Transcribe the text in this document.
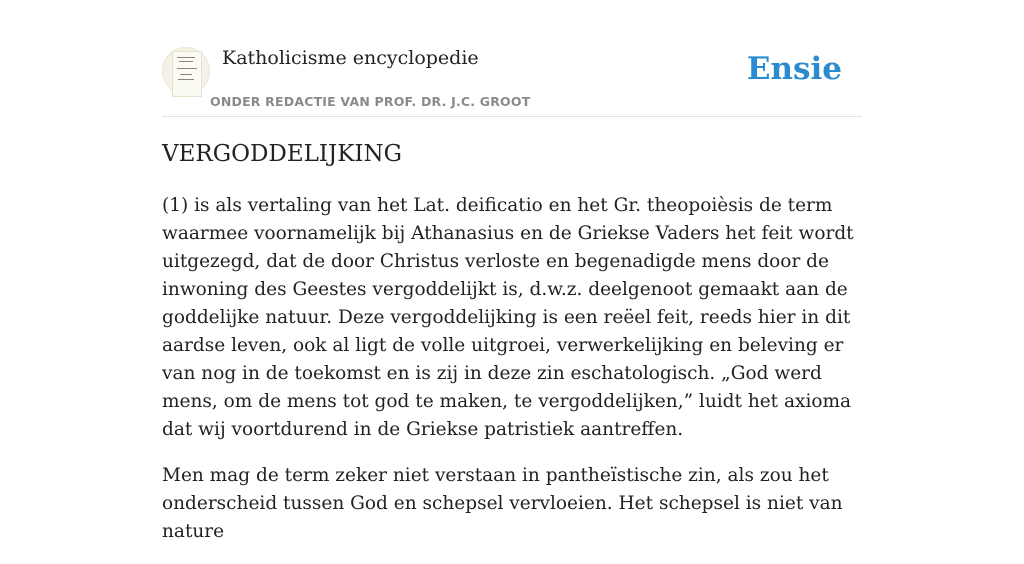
Katholicisme encyclopedie
ONDER REDACTIE VAN PROF. DR. J.C. GROOT
Ensie
VERGODDELIJKING

(1) is als vertaling van het Lat. deificatio en het Gr. theopoièsis de term waarmee voornamelijk bij Athanasius en de Griekse Vaders het feit wordt uitgezegd, dat de door Christus verloste en begenadigde mens door de inwoning des Geestes vergoddelijkt is, d.w.z. deelgenoot gemaakt aan de goddelijke natuur. Deze vergoddelijking is een reëel feit, reeds hier in dit aardse leven, ook al ligt de volle uitgroei, verwerkelijking en beleving er van nog in de toekomst en is zij in deze zin eschatologisch. „God werd mens, om de mens tot god te maken, te vergoddelijken,” luidt het axioma dat wij voortdurend in de Griekse patristiek aantreffen.

Men mag de term zeker niet verstaan in pantheïstische zin, als zou het onderscheid tussen God en schepsel vervloeien. Het schepsel is niet van nature
